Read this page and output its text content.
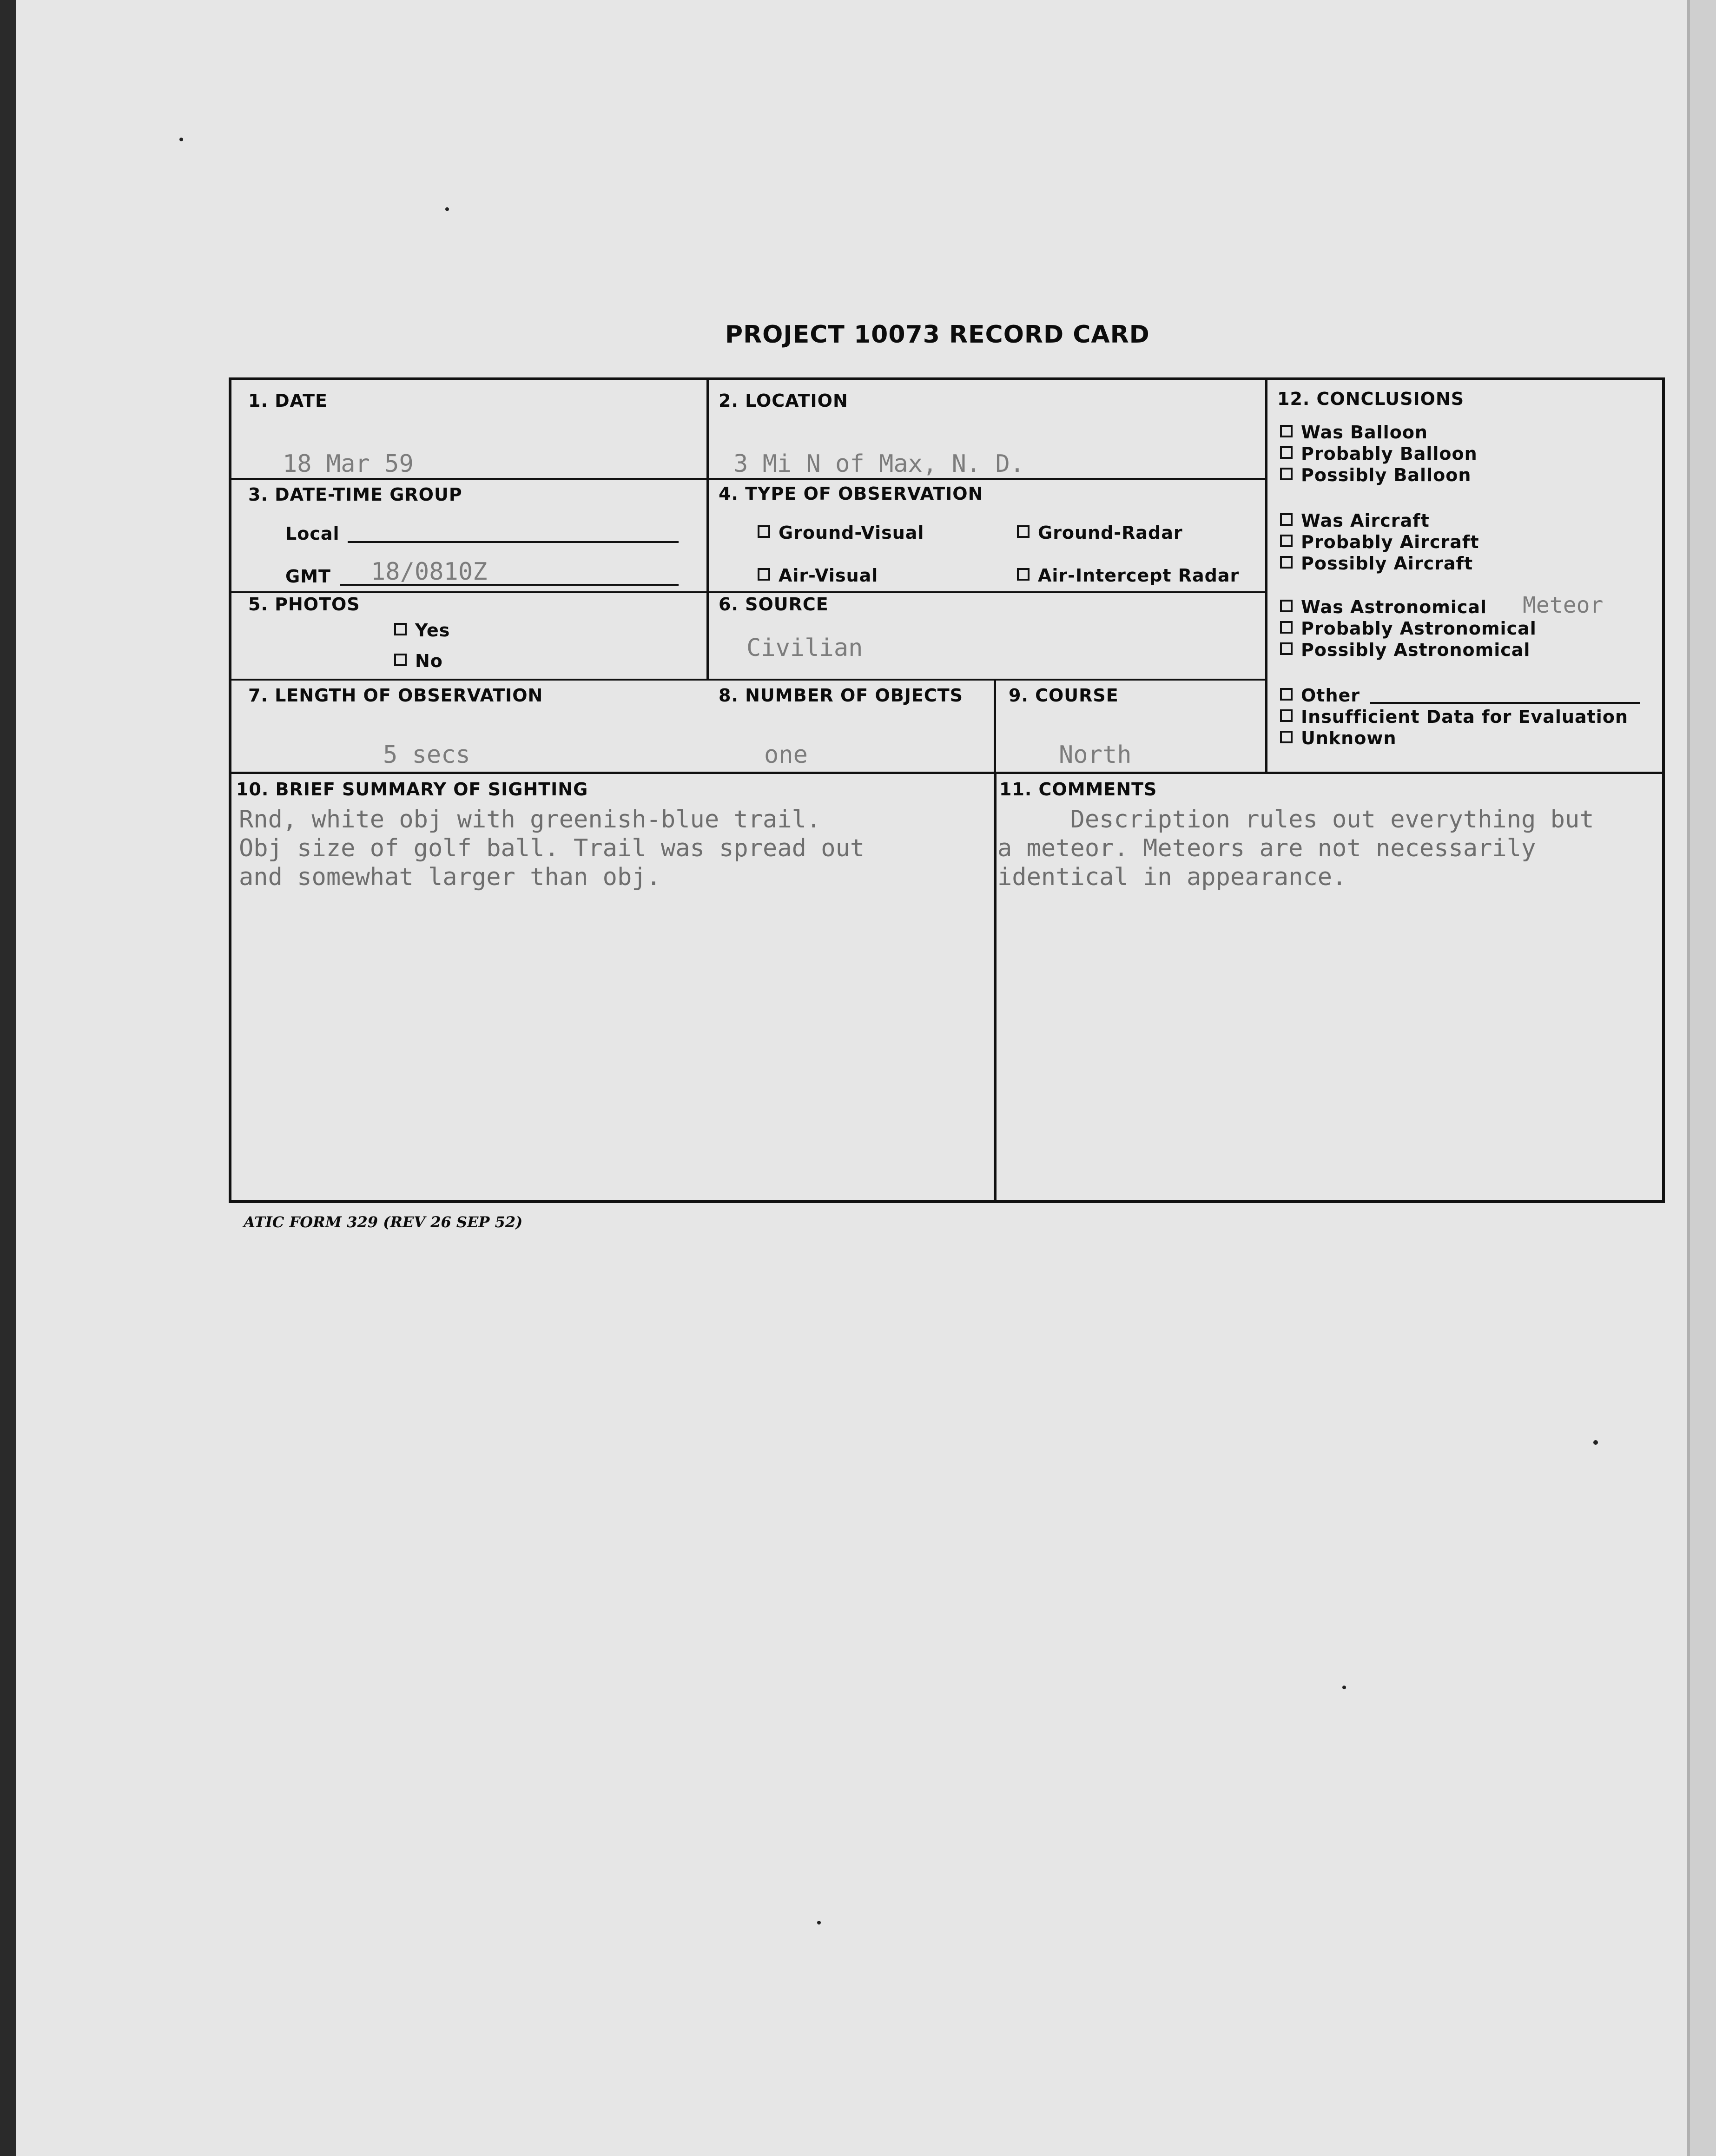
PROJECT 10073 RECORD CARD
1. DATE
18 Mar 59
2. LOCATION
3 Mi N of Max, N. D.
3. DATE-TIME GROUP
Local
GMT 18/0810Z
4. TYPE OF OBSERVATION
Ground-Visual	Ground-Radar
Air-Visual	Air-Intercept Radar
5. PHOTOS
Yes
No
6. SOURCE
Civilian
7. LENGTH OF OBSERVATION
5 secs
8. NUMBER OF OBJECTS
one
9. COURSE
North
12. CONCLUSIONS
Was Balloon
Probably Balloon
Possibly Balloon
Was Aircraft
Probably Aircraft
Possibly Aircraft
Was Astronomical Meteor
Probably Astronomical
Possibly Astronomical
Other
Insufficient Data for Evaluation
Unknown
10. BRIEF SUMMARY OF SIGHTING
Rnd, white obj with greenish-blue trail.
Obj size of golf ball. Trail was spread out
and somewhat larger than obj.
11. COMMENTS
Description rules out everything but
a meteor. Meteors are not necessarily
identical in appearance.
ATIC FORM 329 (REV 26 SEP 52)
